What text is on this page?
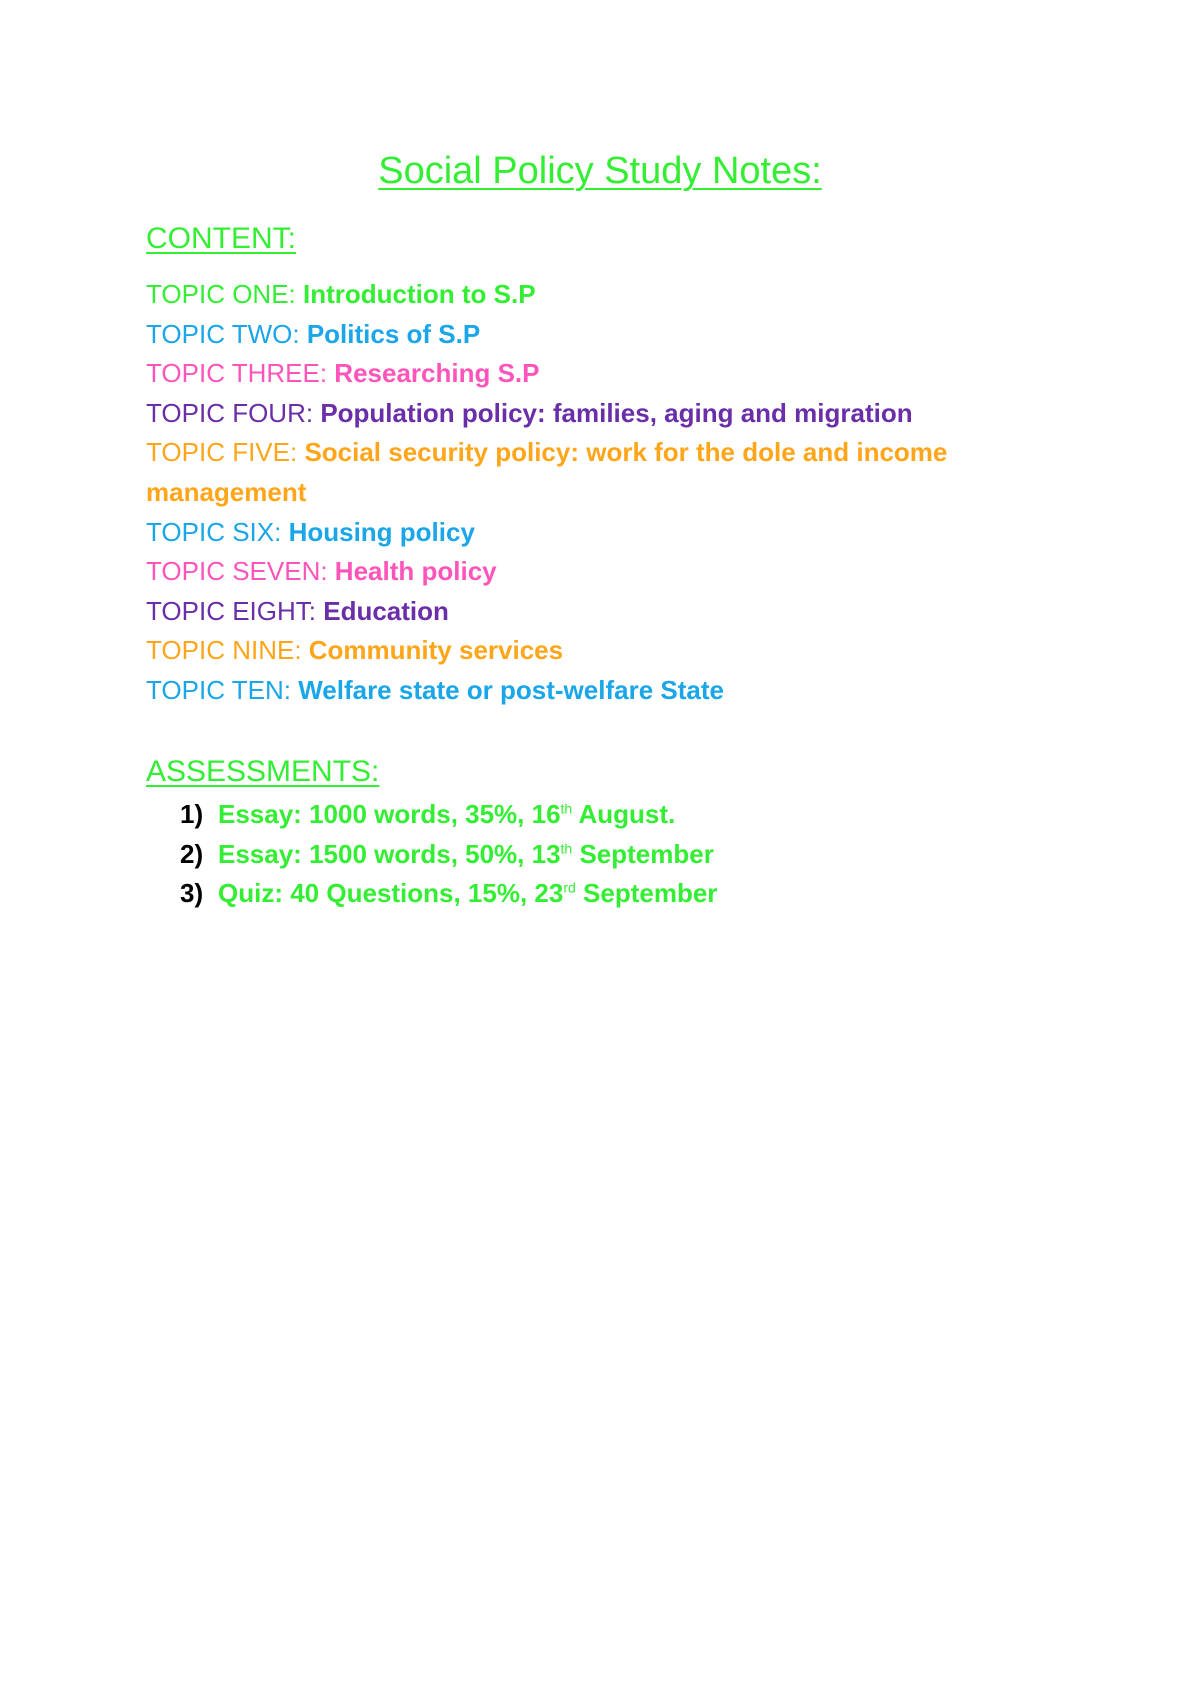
Social Policy Study Notes:
CONTENT:
TOPIC ONE: Introduction to S.P
TOPIC TWO: Politics of S.P
TOPIC THREE: Researching S.P
TOPIC FOUR: Population policy: families, aging and migration
TOPIC FIVE: Social security policy: work for the dole and income management
TOPIC SIX: Housing policy
TOPIC SEVEN: Health policy
TOPIC EIGHT: Education
TOPIC NINE: Community services
TOPIC TEN: Welfare state or post-welfare State
ASSESSMENTS:
1) Essay: 1000 words, 35%, 16th August.
2) Essay: 1500 words, 50%, 13th September
3) Quiz: 40 Questions, 15%, 23rd September
